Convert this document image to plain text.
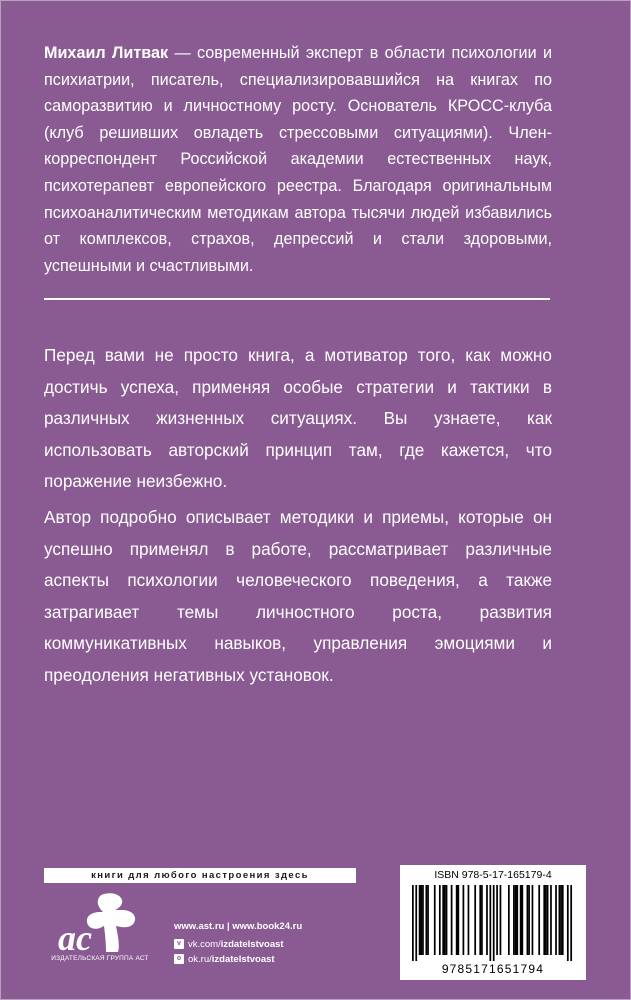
Михаил Литвак — современный эксперт в области психологии и психиатрии, писатель, специализировавшийся на книгах по саморазвитию и личностному росту. Основатель КРОСС-клуба (клуб решивших овладеть стрессовыми ситуациями). Член-корреспондент Российской академии естественных наук, психотерапевт европейского реестра. Благодаря оригинальным психоаналитическим методикам автора тысячи людей избавились от комплексов, страхов, депрессий и стали здоровыми, успешными и счастливыми.
Перед вами не просто книга, а мотиватор того, как можно достичь успеха, применяя особые стратегии и тактики в различных жизненных ситуациях. Вы узнаете, как использовать авторский принцип там, где кажется, что поражение неизбежно.
Автор подробно описывает методики и приемы, которые он успешно применял в работе, рассматривает различные аспекты психологии человеческого поведения, а также затрагивает темы личностного роста, развития коммуникативных навыков, управления эмоциями и преодоления негативных установок.
книги для любого настроения здесь
ac
ИЗДАТЕЛЬСКАЯ ГРУППА АСТ
www.ast.ru | www.book24.ru
v vk.com/ izdatelstvoast
o ok.ru/ izdatelstvoast
ISBN 978-5-17-165179-4
9785171651794
